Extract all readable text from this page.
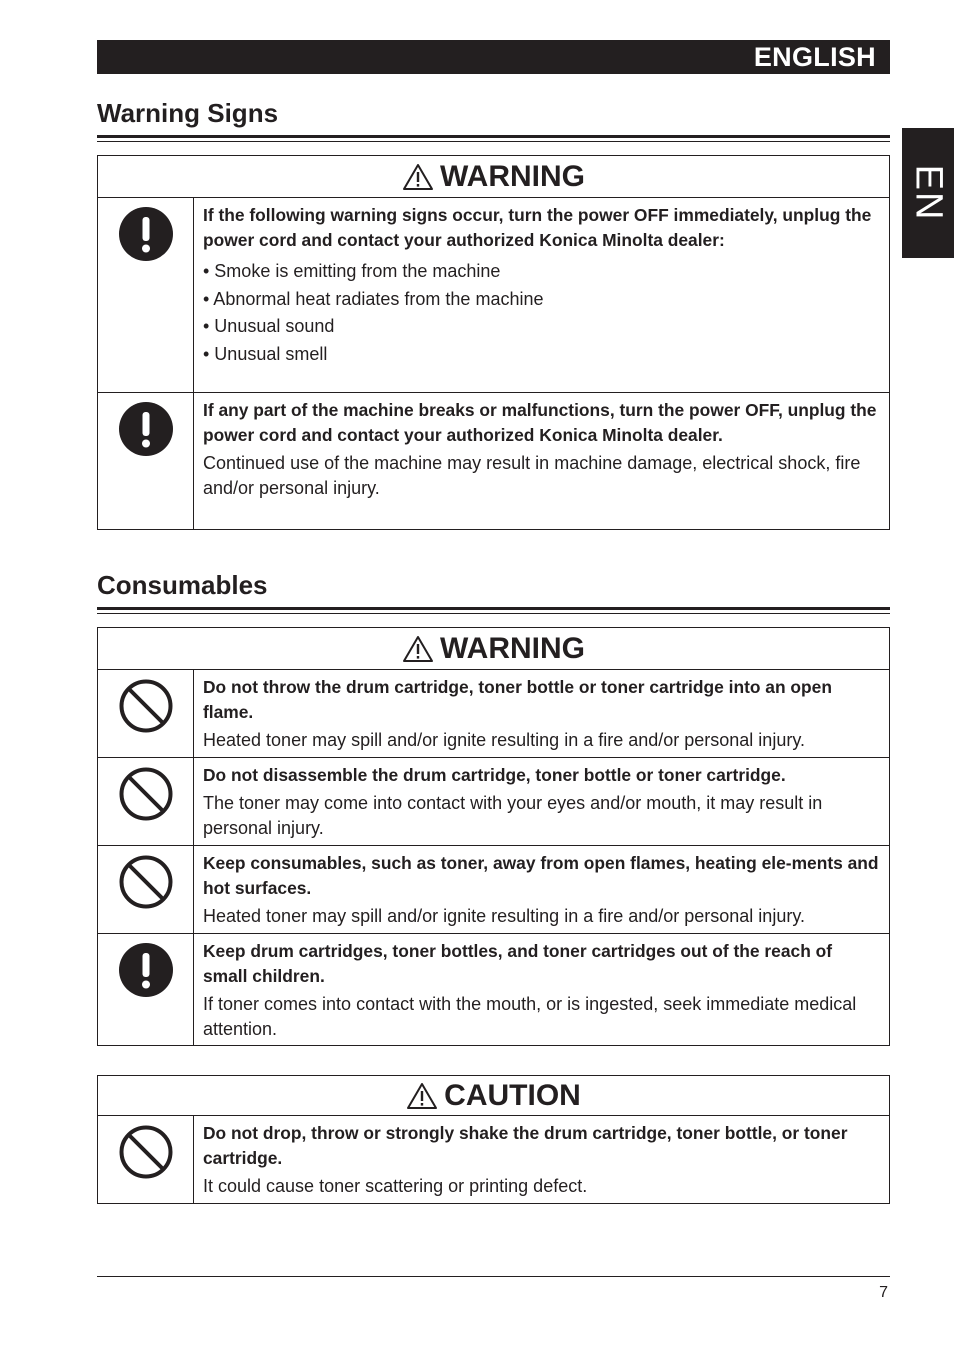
ENGLISH
EN
Warning Signs
WARNING

If the following warning signs occur, turn the power OFF immediately, unplug the power cord and contact your authorized Konica Minolta dealer:

• Smoke is emitting from the machine
• Abnormal heat radiates from the machine
• Unusual sound
• Unusual smell

If any part of the machine breaks or malfunctions, turn the power OFF, unplug the power cord and contact your authorized Konica Minolta dealer.

Continued use of the machine may result in machine damage, electrical shock, fire and/or personal injury.

Consumables
WARNING

Do not throw the drum cartridge, toner bottle or toner cartridge into an open flame.

Heated toner may spill and/or ignite resulting in a fire and/or personal injury.

Do not disassemble the drum cartridge, toner bottle or toner cartridge.

The toner may come into contact with your eyes and/or mouth, it may result in personal injury.

Keep consumables, such as toner, away from open flames, heating ele-ments and hot surfaces.

Heated toner may spill and/or ignite resulting in a fire and/or personal injury.

Keep drum cartridges, toner bottles, and toner cartridges out of the reach of small children.

If toner comes into contact with the mouth, or is ingested, seek immediate medical attention.

CAUTION

Do not drop, throw or strongly shake the drum cartridge, toner bottle, or toner cartridge.

It could cause toner scattering or printing defect.

7
